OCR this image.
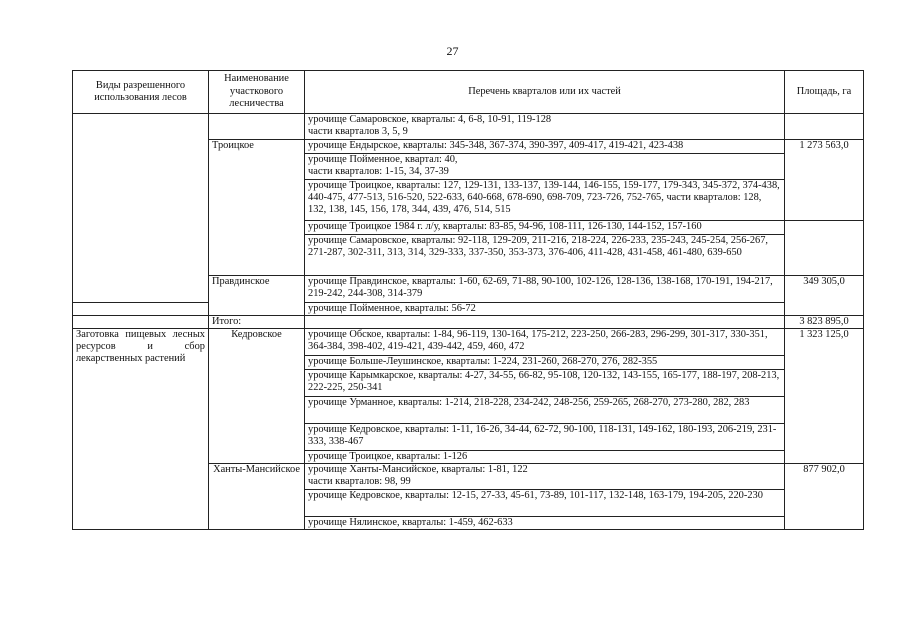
27
Виды разрешенного использования лесов	Наименование участкового лесничества	Перечень кварталов или их частей	Площадь, га
		урочище Самаровское, кварталы: 4, 6-8, 10-91, 119-128
части кварталов 3, 5, 9	
	Троицкое	урочище Ендырское, кварталы: 345-348, 367-374, 390-397, 409-417, 419-421, 423-438	1 273 563,0
		урочище Пойменное, квартал: 40,
части кварталов: 1-15, 34, 37-39	
		урочище Троицкое, кварталы: 127, 129-131, 133-137, 139-144, 146-155, 159-177, 179-343, 345-372, 374-438, 440-475, 477-513, 516-520, 522-633, 640-668, 678-690, 698-709, 723-726, 752-765, части кварталов: 128, 132, 138, 145, 156, 178, 344, 439, 476, 514, 515	
		урочище Троицкое 1984 г. л/у, кварталы: 83-85, 94-96, 108-111, 126-130, 144-152, 157-160	
		урочище Самаровское, кварталы: 92-118, 129-209, 211-216, 218-224, 226-233, 235-243, 245-254, 256-267, 271-287, 302-311, 313, 314, 329-333, 337-350, 353-373, 376-406, 411-428, 431-458, 461-480, 639-650	
	Правдинское	урочище Правдинское, кварталы: 1-60, 62-69, 71-88, 90-100, 102-126, 128-136, 138-168, 170-191, 194-217, 219-242, 244-308, 314-379	349 305,0
		урочище Пойменное, кварталы: 56-72	
	Итого:		3 823 895,0
Заготовка пищевых лесных ресурсов и сбор лекарственных растений	Кедровское	урочище Обское, кварталы: 1-84, 96-119, 130-164, 175-212, 223-250, 266-283, 296-299, 301-317, 330-351, 364-384, 398-402, 419-421, 439-442, 459, 460, 472	1 323 125,0
		урочище Больше-Леушинское, кварталы: 1-224, 231-260, 268-270, 276, 282-355	
		урочище Карымкарское, кварталы: 4-27, 34-55, 66-82, 95-108, 120-132, 143-155, 165-177, 188-197, 208-213, 222-225, 250-341	
		урочище Урманное, кварталы: 1-214, 218-228, 234-242, 248-256, 259-265, 268-270, 273-280, 282, 283	
		урочище Кедровское, кварталы: 1-11, 16-26, 34-44, 62-72, 90-100, 118-131, 149-162, 180-193, 206-219, 231-333, 338-467	
		урочище Троицкое, кварталы: 1-126	
	Ханты-Мансийское	урочище Ханты-Мансийское, кварталы: 1-81, 122
части кварталов: 98, 99	877 902,0
		урочище Кедровское, кварталы: 12-15, 27-33, 45-61, 73-89, 101-117, 132-148, 163-179, 194-205, 220-230	
		урочище Нялинское, кварталы: 1-459, 462-633	
